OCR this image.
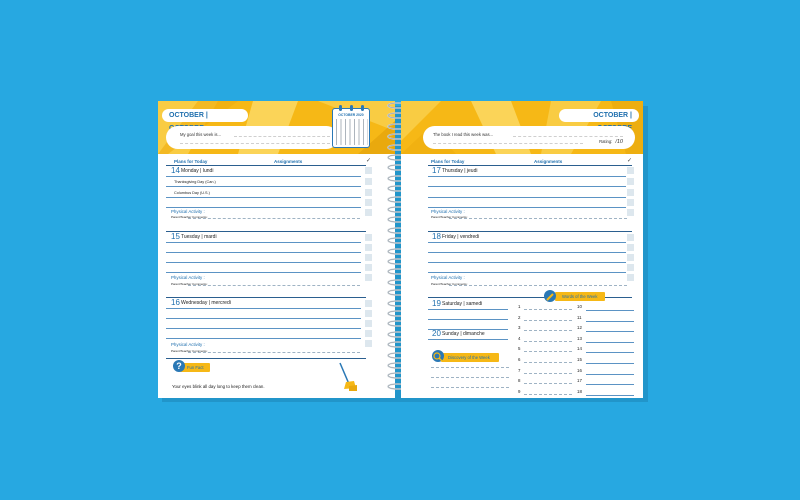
OCTOBER |
My goal this week is...
OCTOBER 2020
Plans for Today	Assignments	✓
14 Monday | lundi
Thanksgiving Day (Can.)
Columbus Day (U.S.)
Physical Activity :
Parent/Teacher Comments:
15 Tuesday | mardi
Physical Activity :
Parent/Teacher Comments:
16 Wednesday | mercredi
Physical Activity :
Parent/Teacher Comments:
Fun Fact
?
Your eyes blink all day long to keep them clean.
OCTOBER |
The book I read this week was...
Rating: /10
Plans for Today	Assignments	✓
17 Thursday | jeudi
Physical Activity :
Parent/Teacher Comments:
18 Friday | vendredi
Physical Activity :
Parent/Teacher Comments:
19 Saturday | samedi
20 Sunday | dimanche
Words of the Week
Discovery of the Week
1	10
2	11
3	12
4	13
5	14
6	15
7	16
8	17
9	18
